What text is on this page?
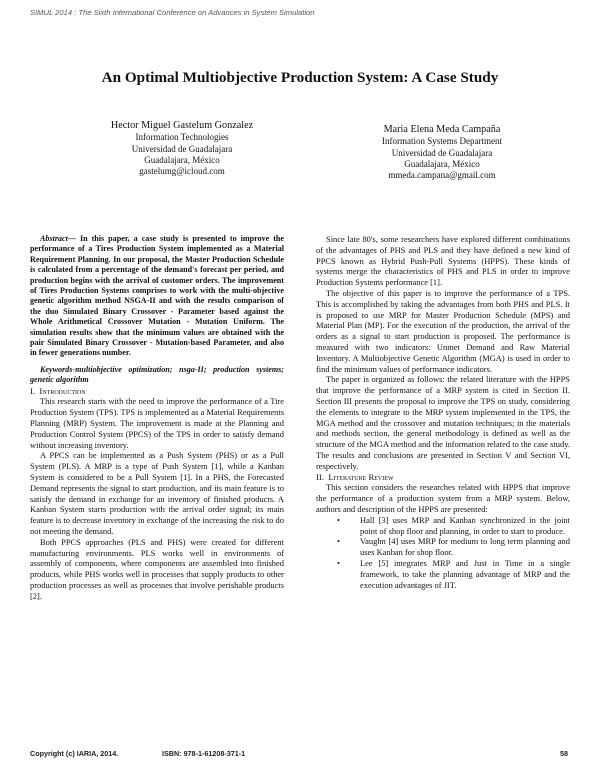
SIMUL 2014 : The Sixth International Conference on Advances in System Simulation
An Optimal Multiobjective Production System: A Case Study
Hector Miguel Gastelum Gonzalez
Information Technologies
Universidad de Guadalajara
Guadalajara, México
gastelumg@icloud.com
Maria Elena Meda Campaña
Information Systems Department
Universidad de Guadalajara
Guadalajara, México
mmeda.campana@gmail.com

Abstract— In this paper, a case study is presented to improve the performance of a Tires Production System implemented as a Material Requirement Planning. In our proposal, the Master Production Schedule is calculated from a percentage of the demand's forecast per period, and production begins with the arrival of customer orders. The improvement of Tires Production Systems comprises to work with the multi-objective genetic algorithm method NSGA-II and with the results comparison of the duo Simulated Binary Crossover - Parameter based against the Whole Arithmetical Crossover Mutation - Mutation Uniform. The simulation results show that the minimum values are obtained with the pair Simulated Binary Crossover - Mutation-based Parameter, and also in fewer generations number.

Keywords-multiobjective optimization; nsga-II; production systems; genetic algorithm

I. Introduction

This research starts with the need to improve the performance of a Tire Production System (TPS). TPS is implemented as a Material Requirements Planning (MRP) System. The improvement is made at the Planning and Production Control System (PPCS) of the TPS in order to satisfy demand without increasing inventory.

A PPCS can be implemented as a Push System (PHS) or as a Pull System (PLS). A MRP is a type of Push System [1], while a Kanban System is considered to be a Pull System [1]. In a PHS, the Forecasted Demand represents the signal to start production, and its main feature is to satisfy the demand in exchange for an inventory of finished products. A Kanban System starts production with the arrival order signal; its main feature is to decrease inventory in exchange of the increasing the risk to do not meeting the demand.

Both PPCS approaches (PLS and PHS) were created for different manufacturing environments. PLS works well in environments of assembly of components, where components are assembled into finished products, while PHS works well in processes that supply products to other production processes as well as processes that involve perishable products [2].

Since late 80's, some researchers have explored different combinations of the advantages of PHS and PLS and they have defined a new kind of PPCS known as Hybrid Push-Pull Systems (HPPS). These kinds of systems merge the characteristics of PHS and PLS in order to improve Production Systems performance [1].

The objective of this paper is to improve the performance of a TPS. This is accomplished by taking the advantages from both PHS and PLS. It is proposed to use MRP for Master Production Schedule (MPS) and Material Plan (MP). For the execution of the production, the arrival of the orders as a signal to start production is proposed. The performance is measured with two indicators: Unmet Demand and Raw Material Inventory. A Multiobjective Genetic Algorithm (MGA) is used in order to find the minimum values of performance indicators.

The paper is organized as follows: the related literature with the HPPS that improve the performance of a MRP system is cited in Section II. Section III presents the proposal to improve the TPS on study, considering the elements to integrate to the MRP system implemented in the TPS, the MGA method and the crossover and mutation techniques; in the materials and methods section, the general methodology is defined as well as the structure of the MGA method and the information related to the case study. The results and conclusions are presented in Section V and Section VI, respectively.

II. Literature Review

This section considers the researches related with HPPS that improve the performance of a production system from a MRP system. Below, authors and description of the HPPS are presented:

• Hall [3] uses MRP and Kanban synchronized in the joint point of shop floor and planning, in order to start to produce.
• Vaughn [4] uses MRP for medium to long term planning and uses Kanban for shop floor.
• Lee [5] integrates MRP and Just in Time in a single framework, to take the planning advantage of MRP and the execution advantages of JIT.
Copyright (c) IARIA, 2014.	ISBN: 978-1-61208-371-1	58
